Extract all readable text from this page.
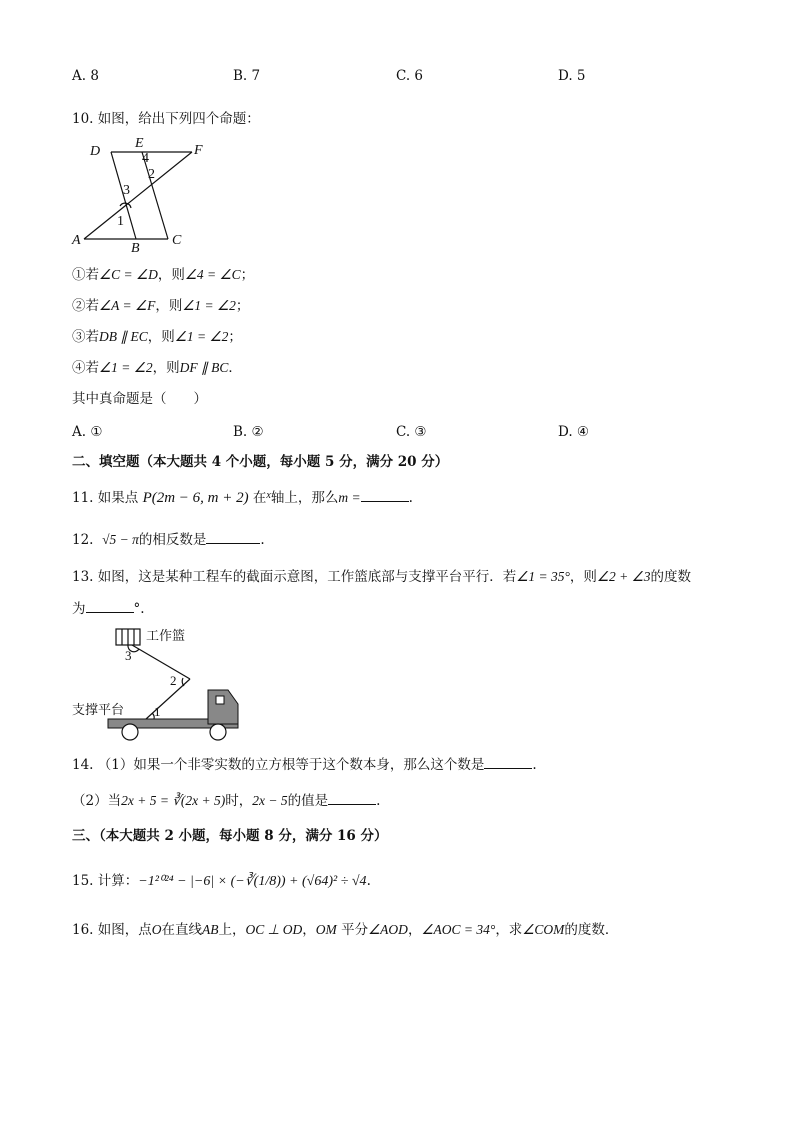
A. 8	B. 7	C. 6	D. 5
10. 如图，给出下列四个命题：
D
E	F
A
B
C
4
2
3
1
①若∠C = ∠D，则∠4 = ∠C；
②若∠A = ∠F，则∠1 = ∠2；
③若DB ∥ EC，则∠1 = ∠2；
④若∠1 = ∠2，则DF ∥ BC．
其中真命题是（　　）
A. ①	B. ②	C. ③	D. ④
二、填空题（本大题共 4 个小题，每小题 5 分，满分 20 分）
11. 如果点 P(2m − 6, m + 2) 在$^x$轴上，那么m =	.
12. √5 − π的相反数是	.
13. 如图，这是某种工程车的截面示意图，工作篮底部与支撑平台平行．若∠1 = 35°，则∠2 + ∠3的度数
为	°.
工作篮
支撑平台
3
2
1
14. （1）如果一个非零实数的立方根等于这个数本身，那么这个数是	.
（2）当2x + 5 = ∛(2x + 5)时，2x − 5的值是	.
三、（本大题共 2 小题，每小题 8 分，满分 16 分）
15. 计算：−1²⁰²⁴ − |−6| × (−∛(1/8)) + (√64)² ÷ √4.
16. 如图，点O在直线AB上，OC ⊥ OD，OM 平分∠AOD，∠AOC = 34°，求∠COM的度数．
